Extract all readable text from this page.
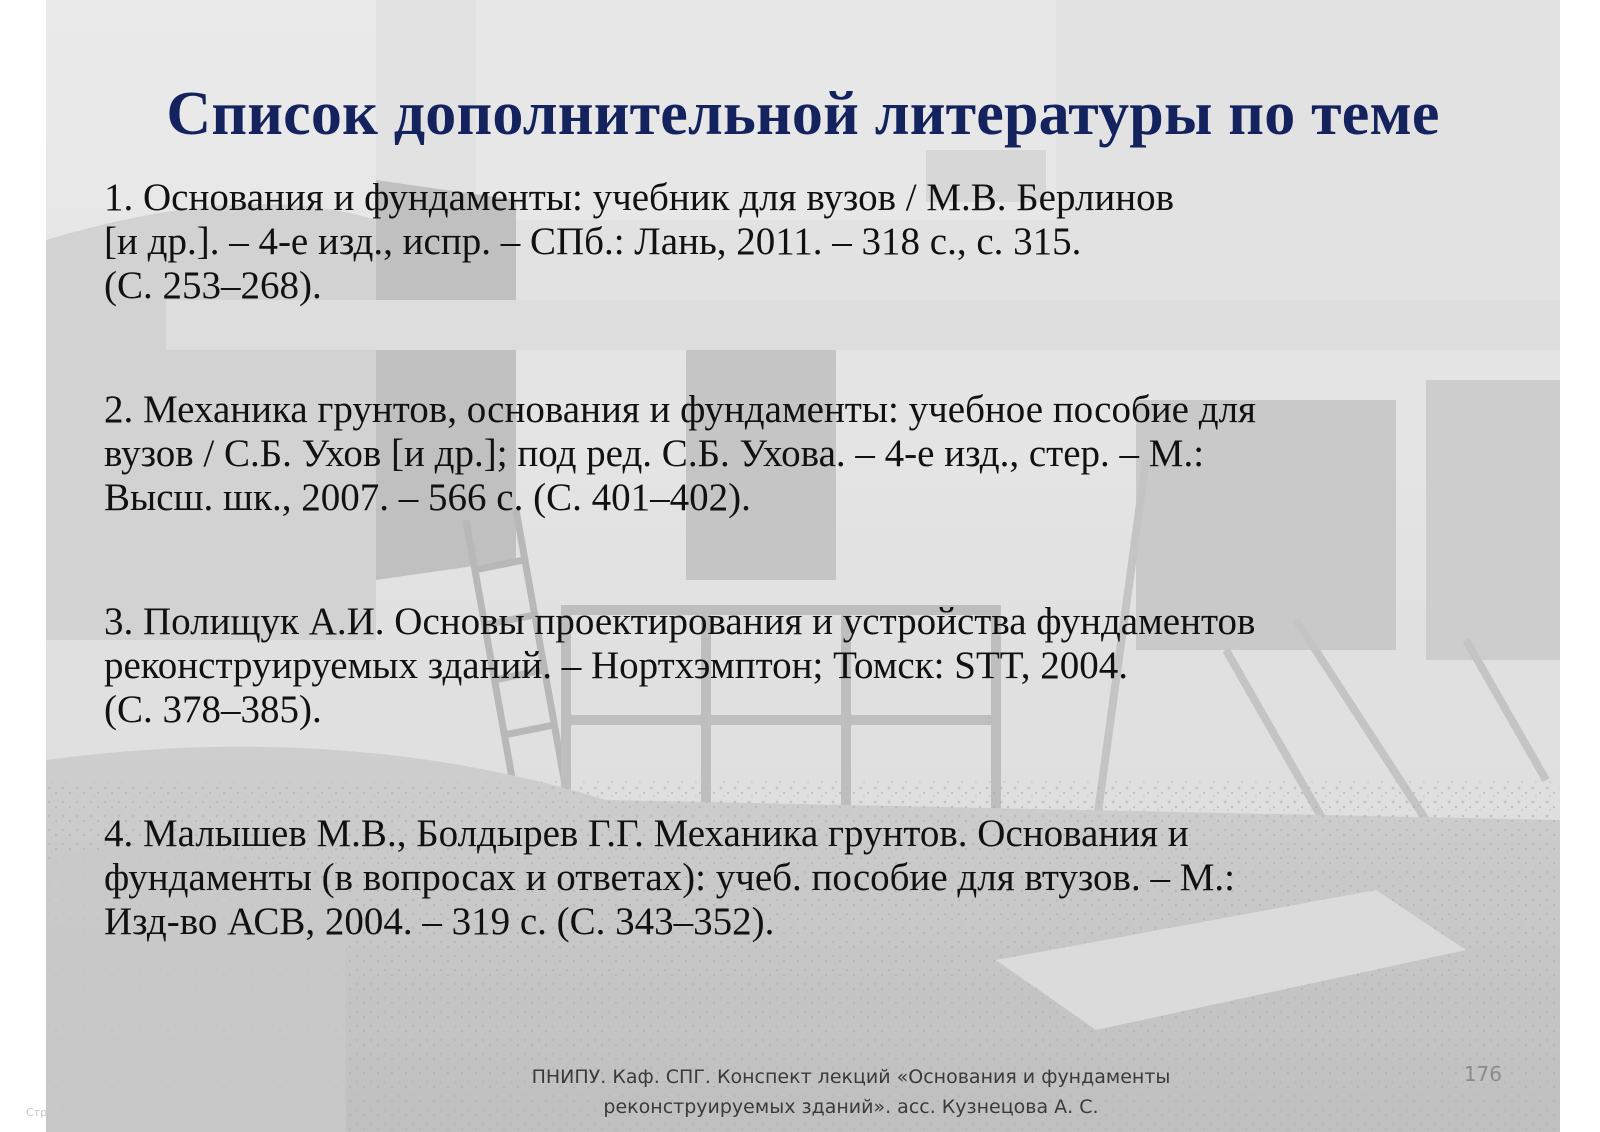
Список дополнительной литературы по теме
1. Основания и фундаменты: учебник для вузов / М.В. Берлинов
[и др.]. – 4-е изд., испр. – СПб.: Лань, 2011. – 318 с., с. 315.
(С. 253–268).
2. Механика грунтов, основания и фундаменты: учебное пособие для
вузов / С.Б. Ухов [и др.]; под ред. С.Б. Ухова. – 4-е изд., стер. – М.:
Высш. шк., 2007. – 566 с. (С. 401–402).
3. Полищук А.И. Основы проектирования и устройства фундаментов
реконструируемых зданий. – Нортхэмптон; Томск: STT, 2004.
(С. 378–385).
4. Малышев М.В., Болдырев Г.Г. Механика грунтов. Основания и
фундаменты (в вопросах и ответах): учеб. пособие для втузов. – М.:
Изд-во АСВ, 2004. – 319 с. (С. 343–352).
ПНИПУ. Каф. СПГ. Конспект лекций «Основания и фундаменты
реконструируемых зданий». асс. Кузнецова А. С.
176
Стр. 176
